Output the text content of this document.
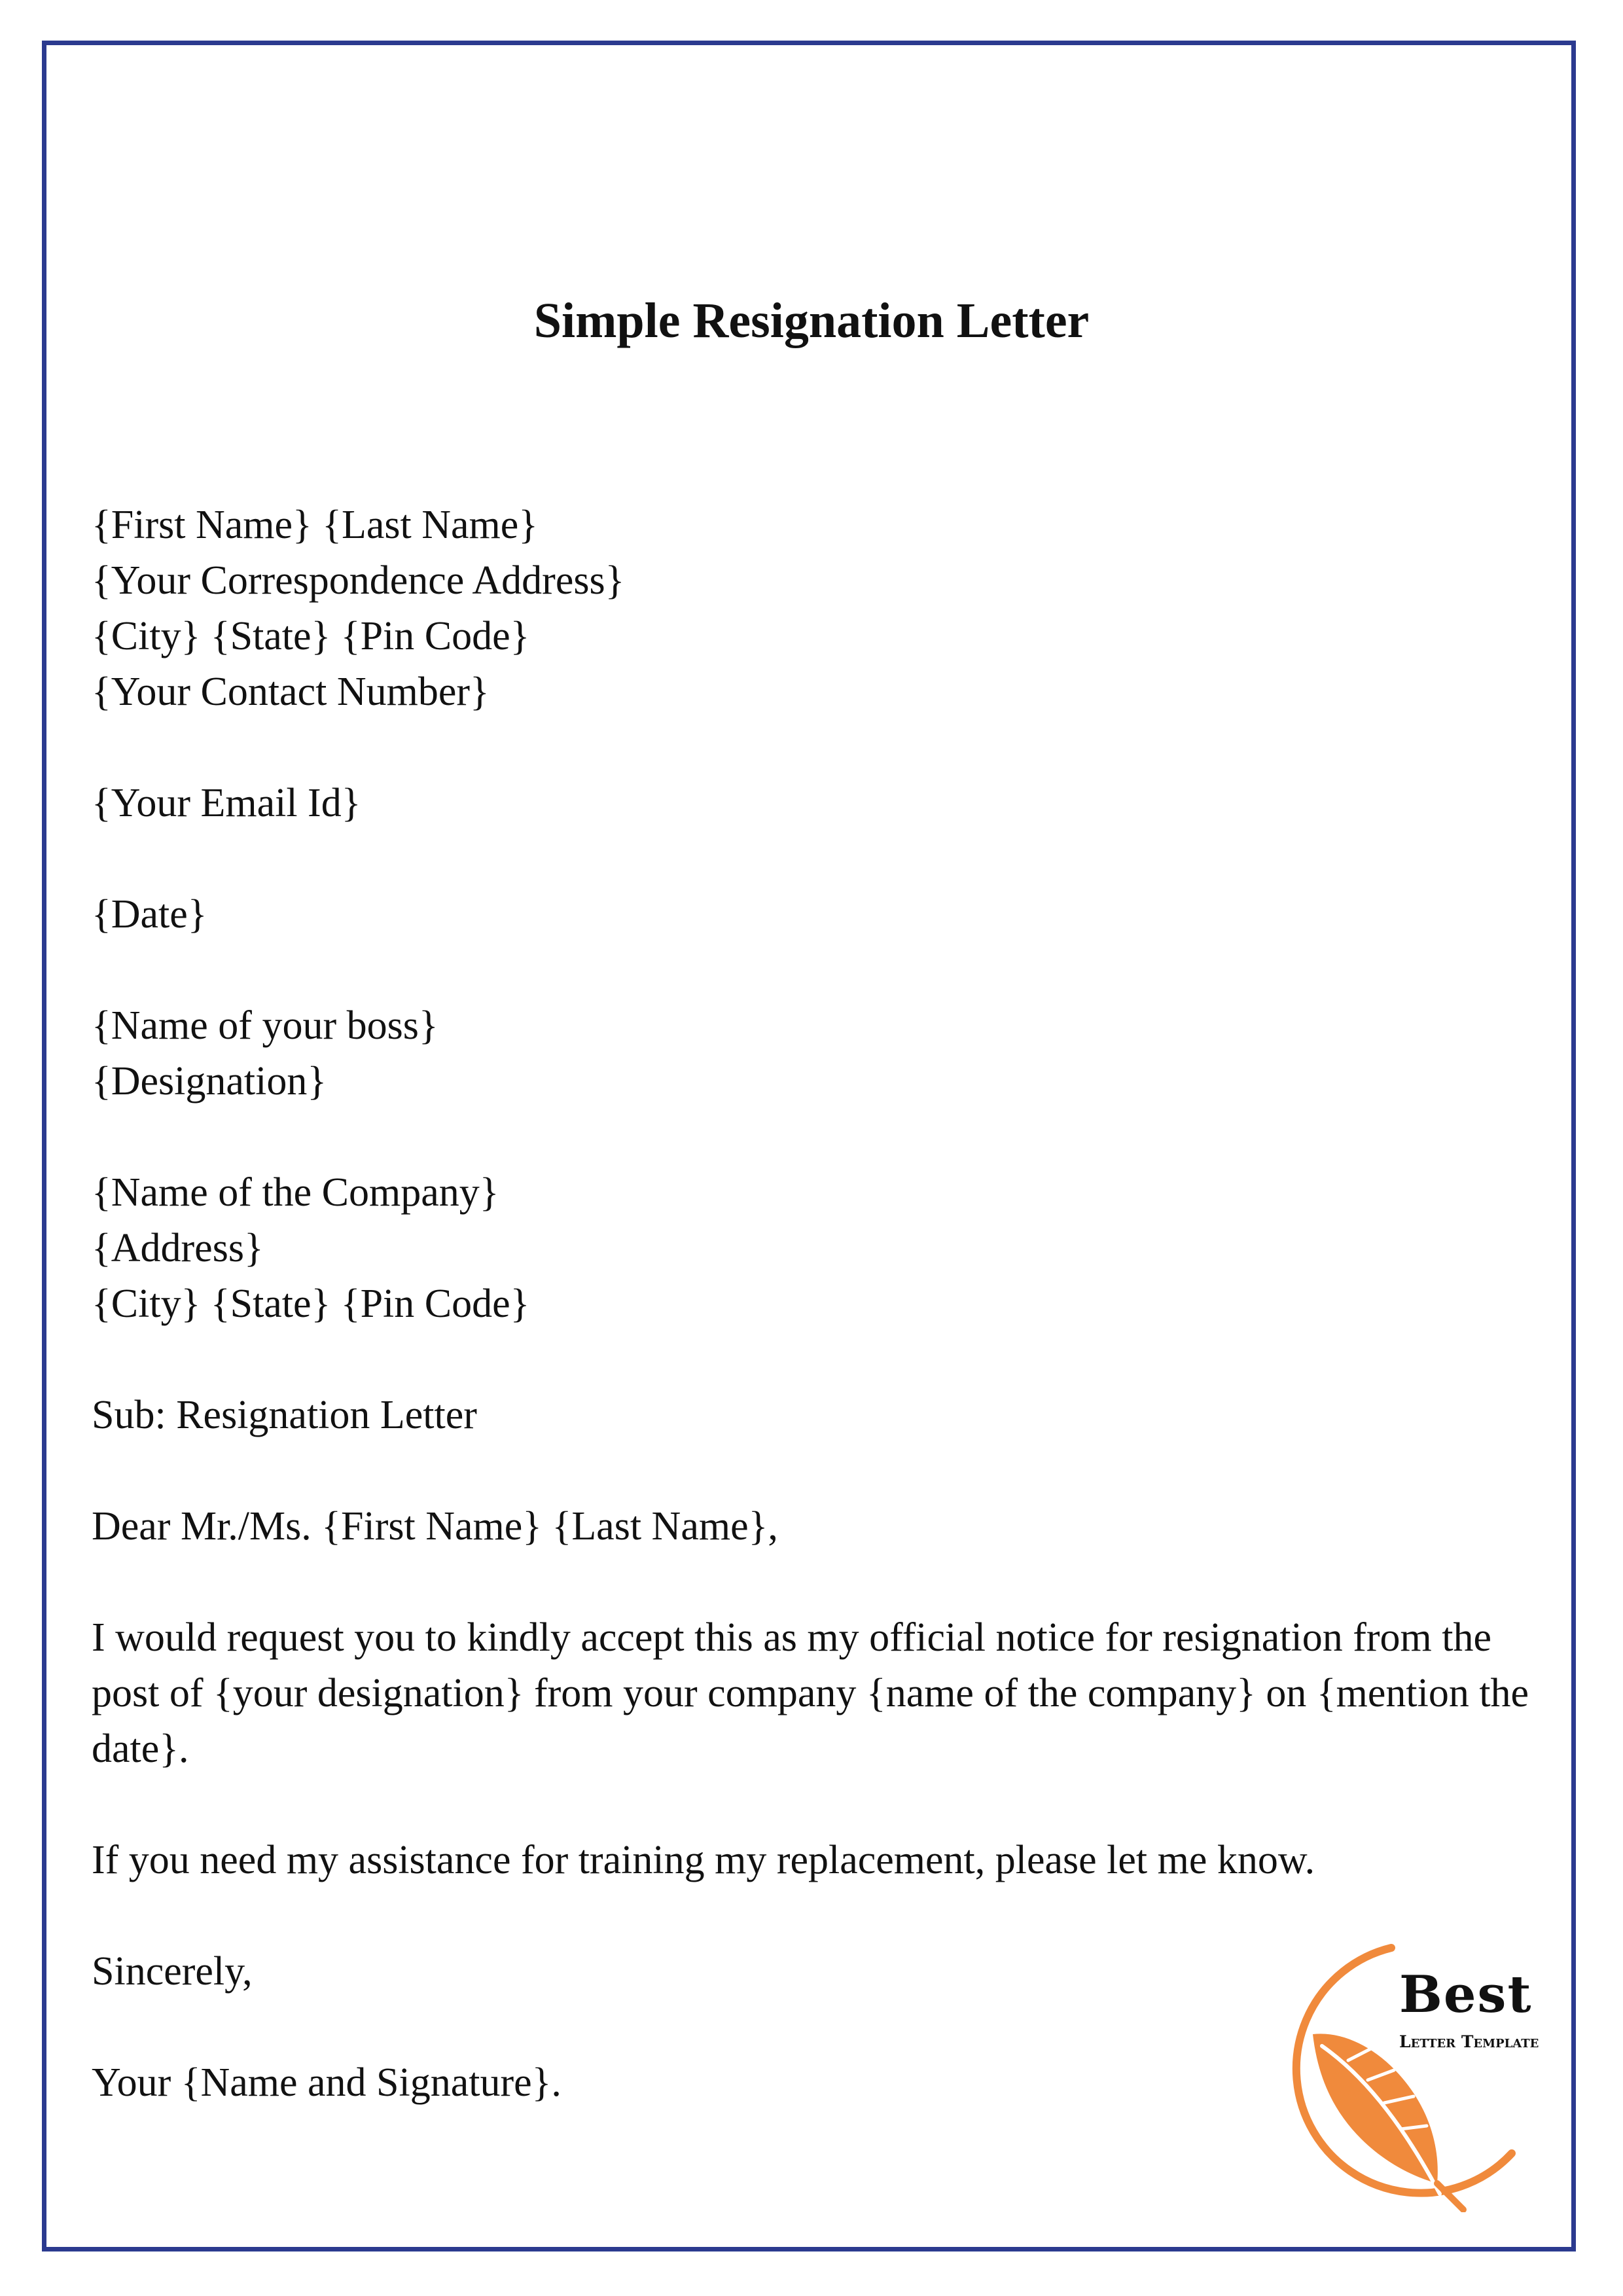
Simple Resignation Letter

{First Name} {Last Name}

{Your Correspondence Address}

{City} {State} {Pin Code}

{Your Contact Number}

{Your Email Id}

{Date}

{Name of your boss}

{Designation}

{Name of the Company}

{Address}

{City} {State} {Pin Code}

Sub: Resignation Letter

Dear Mr./Ms. {First Name} {Last Name},

I would request you to kindly accept this as my official notice for resignation from the post of {your designation} from your company {name of the company} on {mention the date}.

If you need my assistance for training my replacement, please let me know.

Sincerely,

Your {Name and Signature}.

Best
Letter Template
